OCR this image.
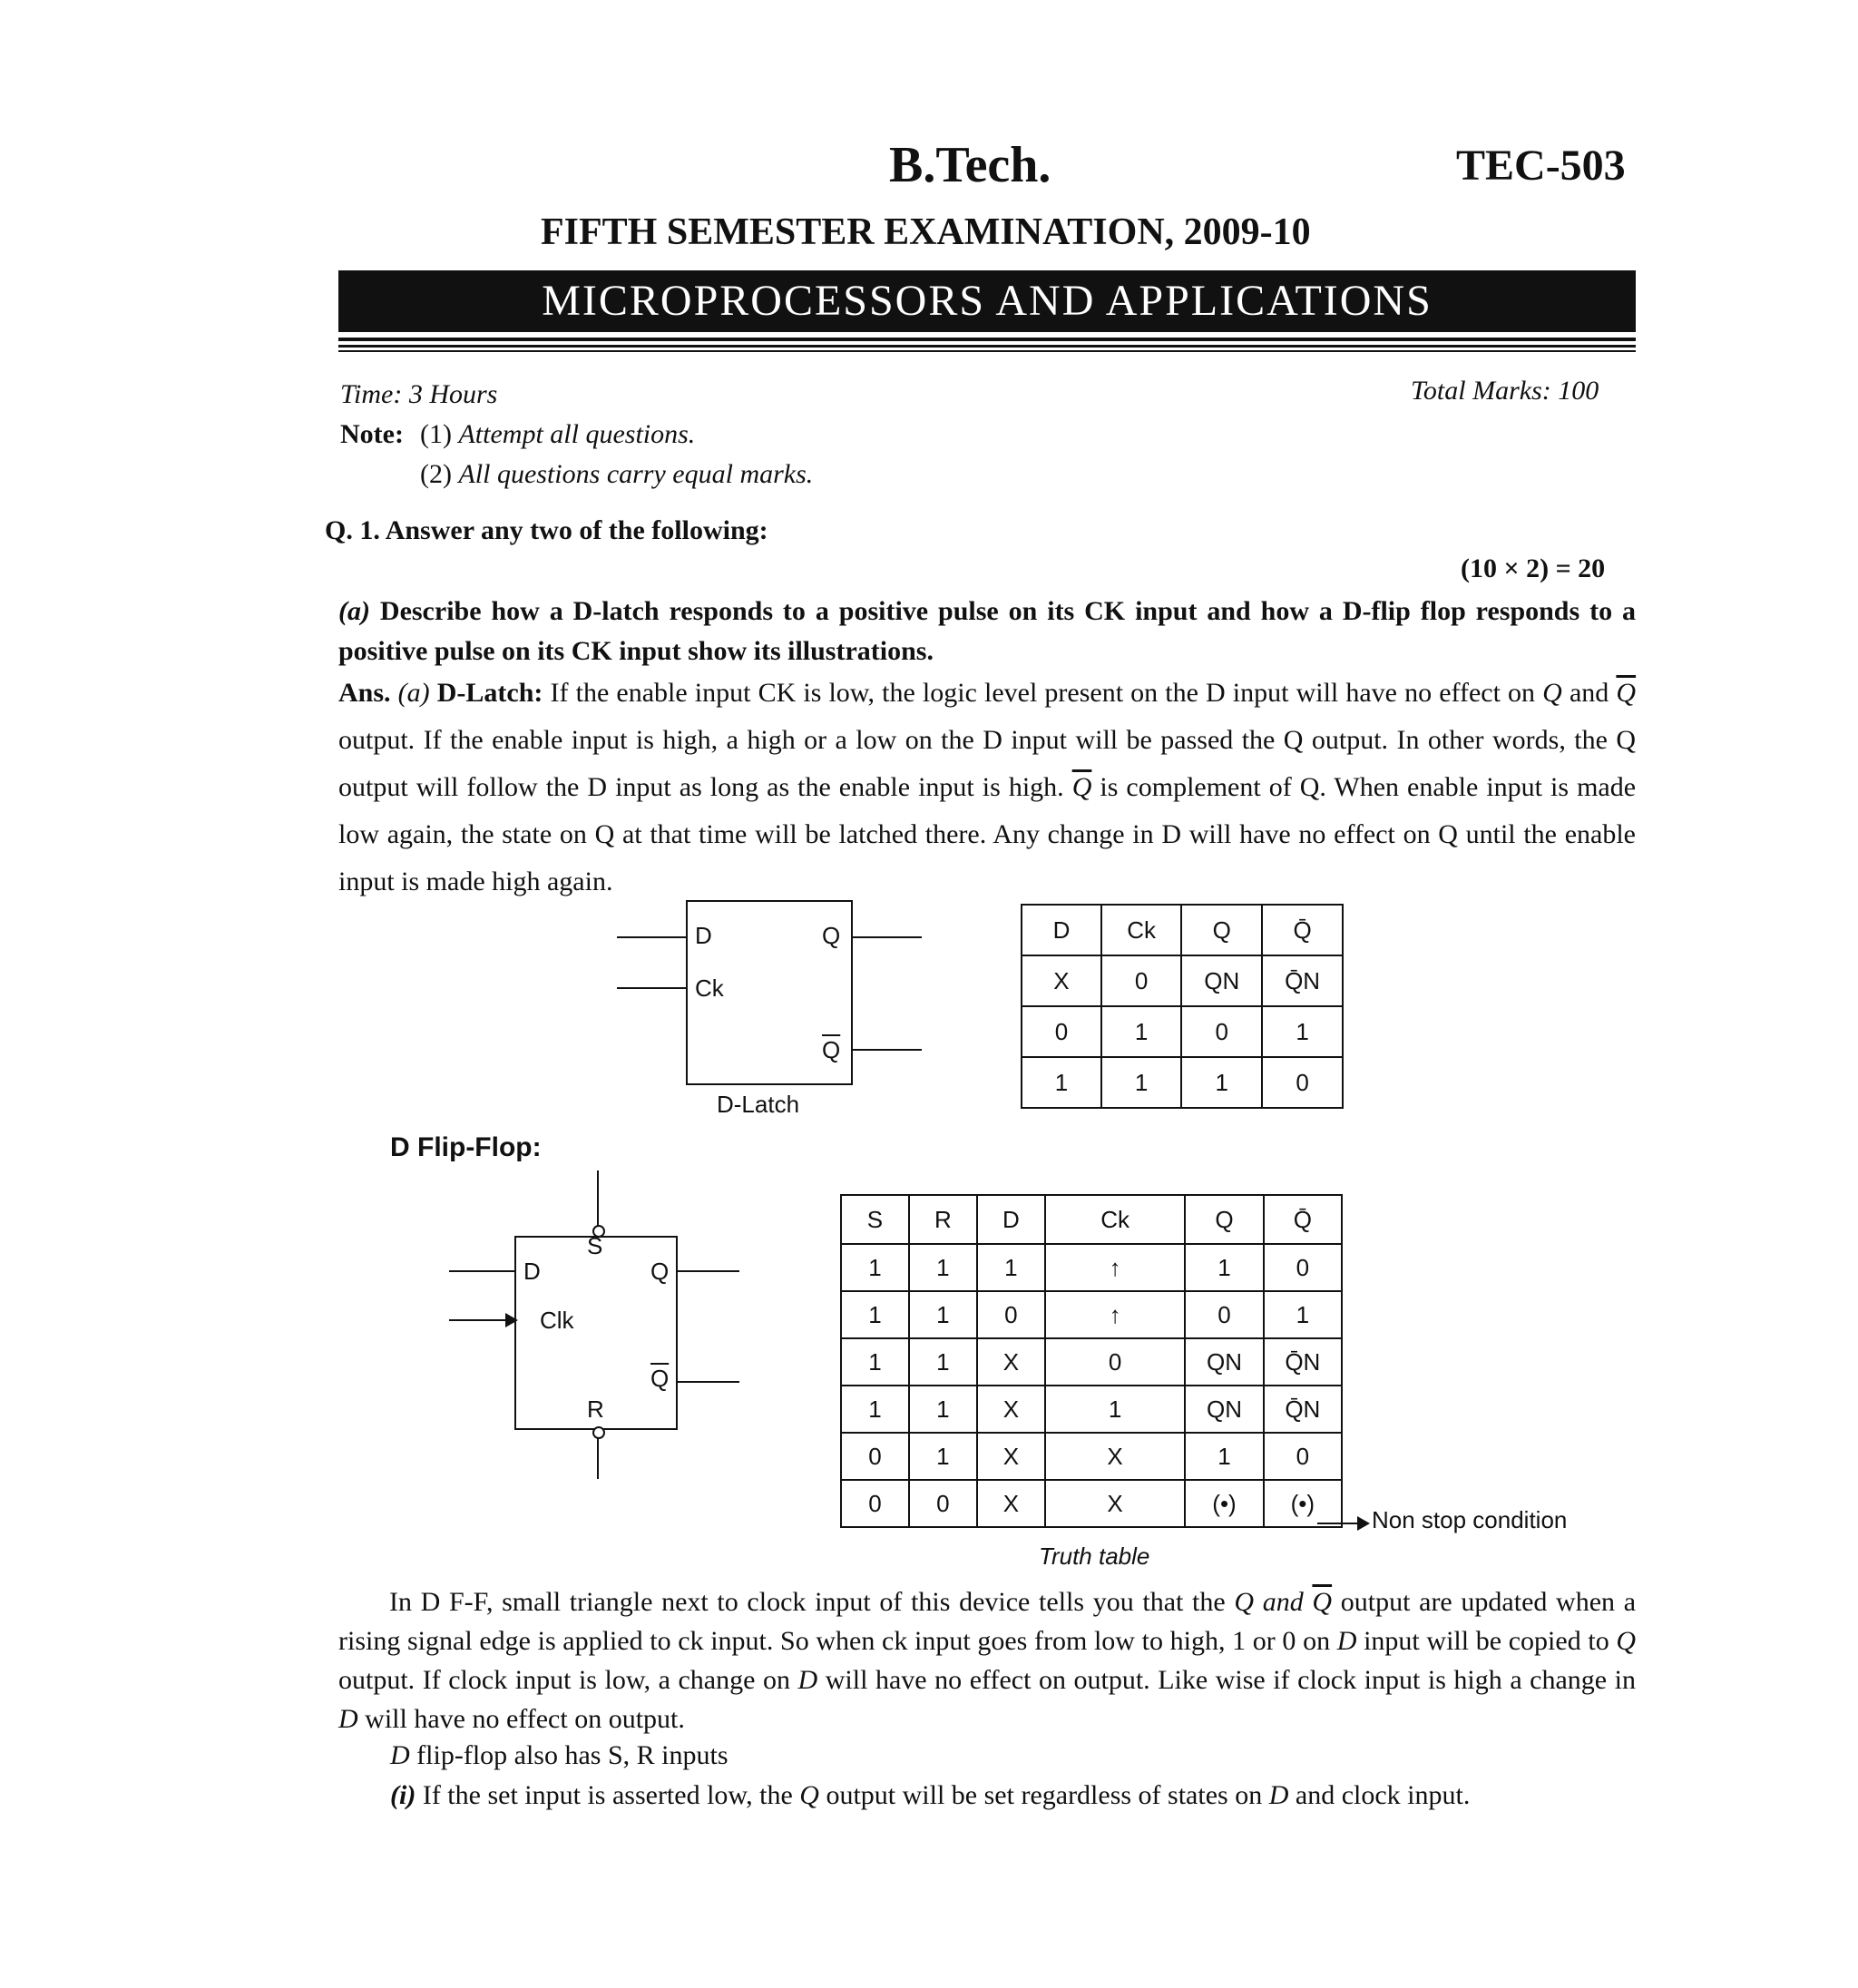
B.Tech.	TEC-503
FIFTH SEMESTER EXAMINATION, 2009-10
MICROPROCESSORS AND APPLICATIONS
Time: 3 Hours	Total Marks: 100
Note: (1) Attempt all questions.
(2) All questions carry equal marks.
Q. 1. Answer any two of the following:
(10 × 2) = 20
(a) Describe how a D-latch responds to a positive pulse on its CK input and how a D-flip flop responds to a positive pulse on its CK input show its illustrations.
Ans. (a) D-Latch: If the enable input CK is low, the logic level present on the D input will have no effect on Q and $\overline{Q}$ output. If the enable input is high, a high or a low on the D input will be passed the Q output. In other words, the Q output will follow the D input as long as the enable input is high. $\overline{Q}$ is complement of Q. When enable input is made low again, the state on Q at that time will be latched there. Any change in D will have no effect on Q until the enable input is made high again.
D
Ck
Q
$\overline{Q}$
D-Latch
D	Ck	Q	Q̄
X	0	QN	Q̄N
0	1	0	1
1	1	1	0
D Flip-Flop:
D
Clk
S
R
Q
$\overline{Q}$
S	R	D	Ck	Q	Q̄
1	1	1	↑	1	0
1	1	0	↑	0	1
1	1	X	0	QN	Q̄N
1	1	X	1	QN	Q̄N
0	1	X	X	1	0
0	0	X	X	(•)	(•)
Non stop condition
Truth table
In D F-F, small triangle next to clock input of this device tells you that the Q and $\overline{Q}$ output are updated when a rising signal edge is applied to ck input. So when ck input goes from low to high, 1 or 0 on D input will be copied to Q output. If clock input is low, a change on D will have no effect on output. Like wise if clock input is high a change in D will have no effect on output.
D flip-flop also has S, R inputs
(i) If the set input is asserted low, the Q output will be set regardless of states on D and clock input.
